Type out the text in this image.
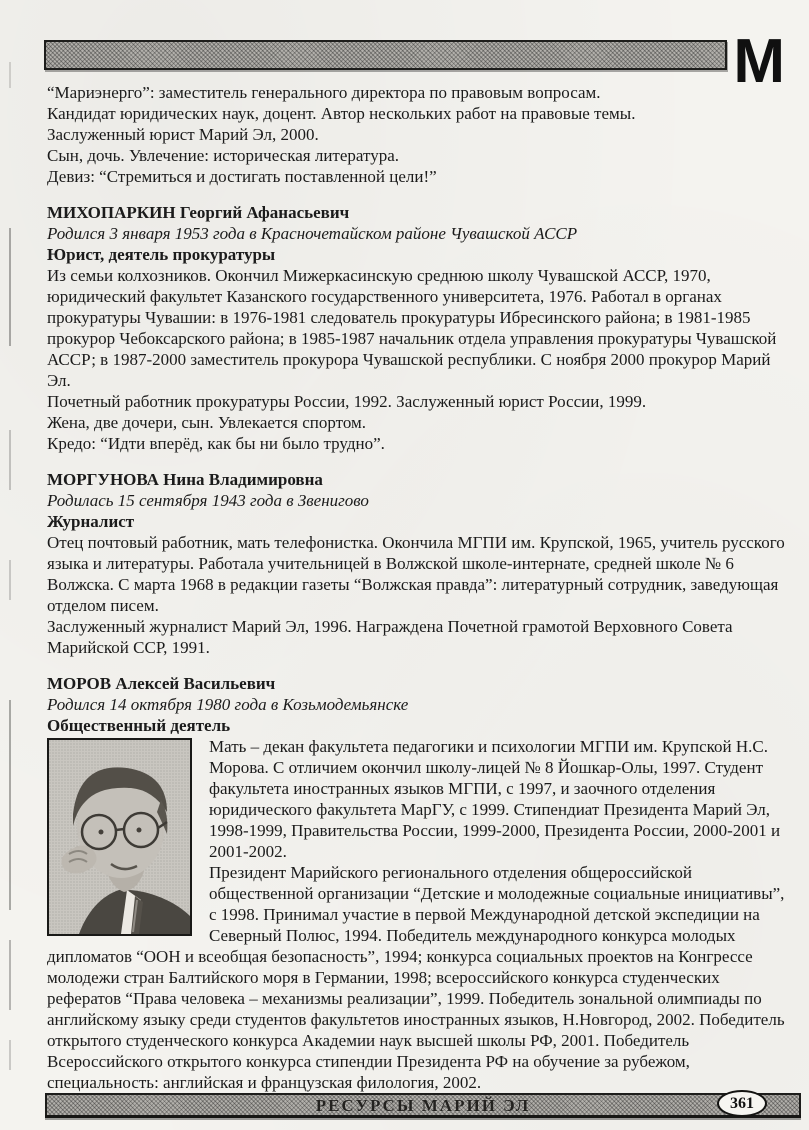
М

“Мариэнерго”: заместитель генерального директора по правовым вопросам.

Кандидат юридических наук, доцент. Автор нескольких работ на правовые темы.

Заслуженный юрист Марий Эл, 2000.

Сын, дочь. Увлечение: историческая литература.

Девиз: “Стремиться и достигать поставленной цели!”

МИХОПАРКИН Георгий Афанасьевич

Родился 3 января 1953 года в Красночетайском районе Чувашской АССР

Юрист, деятель прокуратуры

Из семьи колхозников. Окончил Мижеркасинскую среднюю школу Чувашской АССР, 1970, юридический факультет Казанского государственного университета, 1976. Работал в органах прокуратуры Чувашии: в 1976-1981 следователь прокуратуры Ибресинского района; в 1981-1985 прокурор Чебоксарского района; в 1985-1987 начальник отдела управления прокуратуры Чувашской АССР; в 1987-2000 заместитель прокурора Чувашской республики. С ноября 2000 прокурор Марий Эл.

Почетный работник прокуратуры России, 1992. Заслуженный юрист России, 1999.

Жена, две дочери, сын. Увлекается спортом.

Кредо: “Идти вперёд, как бы ни было трудно”.

МОРГУНОВА Нина Владимировна

Родилась 15 сентября 1943 года в Звенигово

Журналист

Отец почтовый работник, мать телефонистка. Окончила МГПИ им. Крупской, 1965, учитель русского языка и литературы. Работала учительницей в Волжской школе-интернате, средней школе № 6 Волжска. С марта 1968 в редакции газеты “Волжская правда”: литературный сотрудник, заведующая отделом писем.

Заслуженный журналист Марий Эл, 1996. Награждена Почетной грамотой Верховного Совета Марийской ССР, 1991.

МОРОВ Алексей Васильевич

Родился 14 октября 1980 года в Козьмодемьянске

Общественный деятель

Мать – декан факультета педагогики и психологии МГПИ им. Крупской Н.С. Морова. С отличием окончил школу-лицей № 8 Йошкар-Олы, 1997. Студент факультета иностранных языков МГПИ, с 1997, и заочного отделения юридического факультета МарГУ, с 1999. Стипендиат Президента Марий Эл, 1998-1999, Правительства России, 1999-2000, Президента России, 2000-2001 и 2001-2002.

Президент Марийского регионального отделения общероссийской общественной организации “Детские и молодежные социальные инициативы”, с 1998. Принимал участие в первой Международной детской экспедиции на Северный Полюс, 1994. Победитель международного конкурса молодых дипломатов “ООН и всеобщая безопасность”, 1994; конкурса социальных проектов на Конгрессе молодежи стран Балтийского моря в Германии, 1998; всероссийского конкурса студенческих рефератов “Права человека – механизмы реализации”, 1999. Победитель зональной олимпиады по английскому языку среди студентов факультетов иностранных языков, Н.Новгород, 2002. Победитель открытого студенческого конкурса Академии наук высшей школы РФ, 2001. Победитель Всероссийского открытого конкурса стипендии Президента РФ на обучение за рубежом, специальность: английская и французская филология, 2002.

РЕСУРСЫ МАРИЙ ЭЛ	361
